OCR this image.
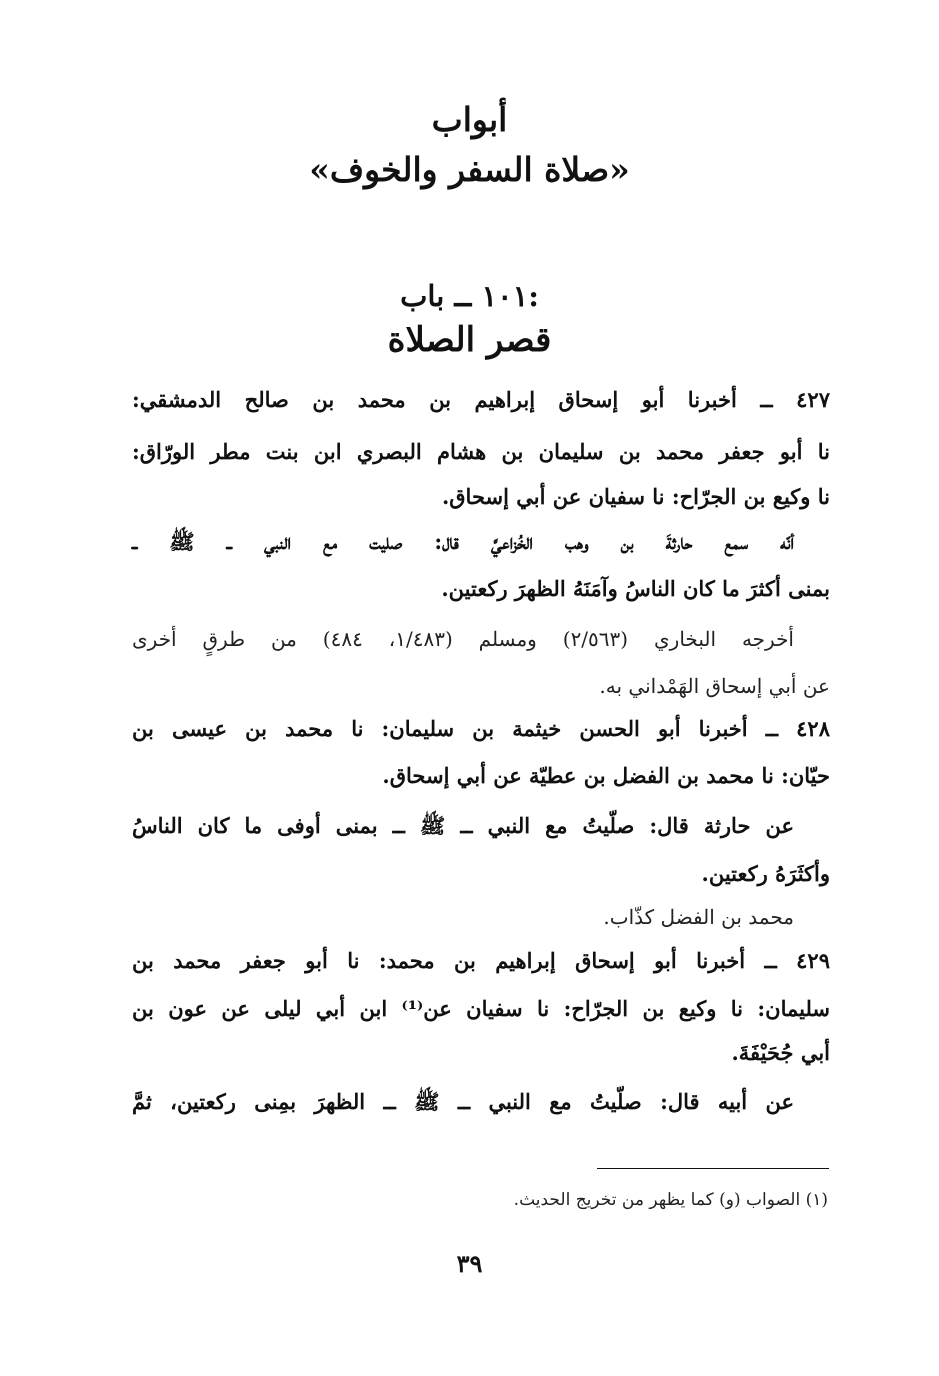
أبواب
«صلاة السفر والخوف»
١٠١ ــ باب:
قصر الصلاة
٤٢٧ ــ أخبرنا أبو إسحاق إبراهيم بن محمد بن صالح الدمشقي:
نا أبو جعفر محمد بن سليمان بن هشام البصري ابن بنت مطر الورّاق:
نا وكيع بن الجرّاح: نا سفيان عن أبي إسحاق.
أنّه سمع حارثةَ بن وهب الخُزاعيَّ قال: صليت مع النبي ــ ﷺ ــ
بمنى أكثرَ ما كان الناسُ وآمَنَهُ الظهرَ ركعتين.
أخرجه البخاري (٢/٥٦٣) ومسلم (١/٤٨٣، ٤٨٤) من طرقٍ أخرى
عن أبي إسحاق الهَمْداني به.
٤٢٨ ــ أخبرنا أبو الحسن خيثمة بن سليمان: نا محمد بن عيسى بن
حيّان: نا محمد بن الفضل بن عطيّة عن أبي إسحاق.
عن حارثة قال: صلّيتُ مع النبي ــ ﷺ ــ بمنى أوفى ما كان الناسُ
وأكثَرَهُ ركعتين.
محمد بن الفضل كذّاب.
٤٢٩ ــ أخبرنا أبو إسحاق إبراهيم بن محمد: نا أبو جعفر محمد بن
سليمان: نا وكيع بن الجرّاح: نا سفيان عن⁽¹⁾ ابن أبي ليلى عن عون بن
أبي جُحَيْفَةَ.
عن أبيه قال: صلّيتُ مع النبي ــ ﷺ ــ الظهرَ بمِنى ركعتين، ثمَّ
(١) الصواب (و) كما يظهر من تخريج الحديث.
٣٩
